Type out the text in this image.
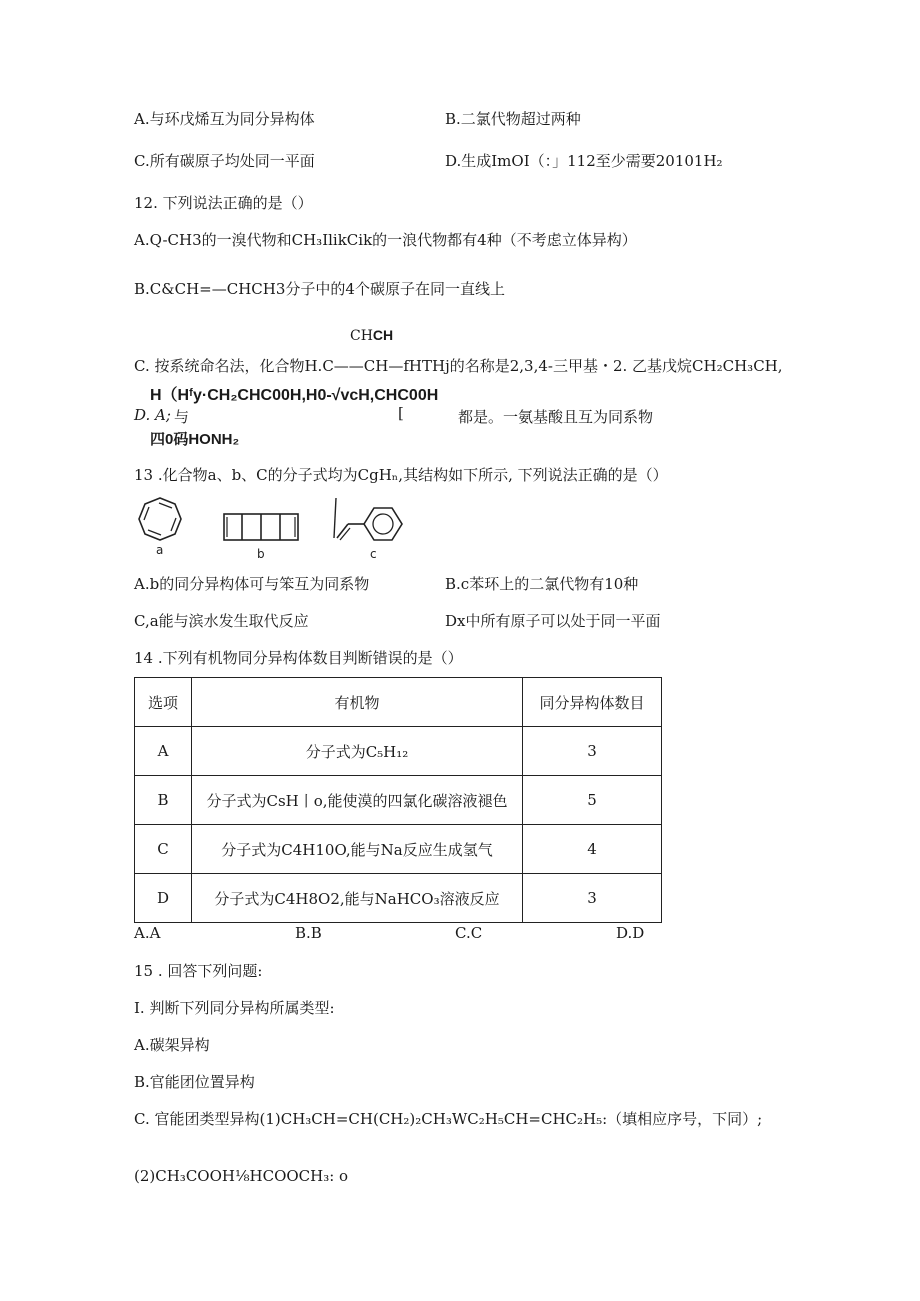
A.与环戊烯互为同分异构体	B.二氯代物超过两种
C.所有碳原子均处同一平面	D.生成ImOI（：」112至少需要20101H₂
12. 下列说法正确的是（）
A.Q-CH3的一溴代物和CH₃IlikCik的一浪代物都有4种（不考虑立体异构）
B.C&CH=—CHCH3分子中的4个碳原子在同一直线上
CHCH
C. 按系统命名法，化合物H.C——CH—fHTHj的名称是2,3,4-三甲基・2. 乙基戊烷CH₂CH₃CH,
H（Hᶠy·CH₂CHC00H,H0-√vcH,CHC00H
D. A; 与	[	都是。一氨基酸且互为同系物
四0码HONH₂
13 .化合物a、b、C的分子式均为CgHₙ,其结构如下所示, 下列说法正确的是（）
a	b	c
A.b的同分异构体可与笨互为同系物	B.c苯环上的二氯代物有10种
C,a能与滨水发生取代反应	Dx中所有原子可以处于同一平面
14 .下列有机物同分异构体数目判断错误的是（）
选项	有机物	同分异构体数目
A	分子式为C₅H₁₂	3
B	分子式为CsH丨o,能使漠的四氯化碳溶液褪色	5
C	分子式为C4H10O,能与Na反应生成氢气	4
D	分子式为C4H8O2,能与NaHCO₃溶液反应	3
A.A	B.B	C.C	D.D
15 . 回答下列问题:
I. 判断下列同分异构所属类型:
A.碳架异构
B.官能团位置异构
C. 官能团类型异构(1)CH₃CH=CH(CH₂)₂CH₃WC₂H₅CH=CHC₂H₅:（填相应序号，下同）;
(2)CH₃COOH⅛HCOOCH₃: o
